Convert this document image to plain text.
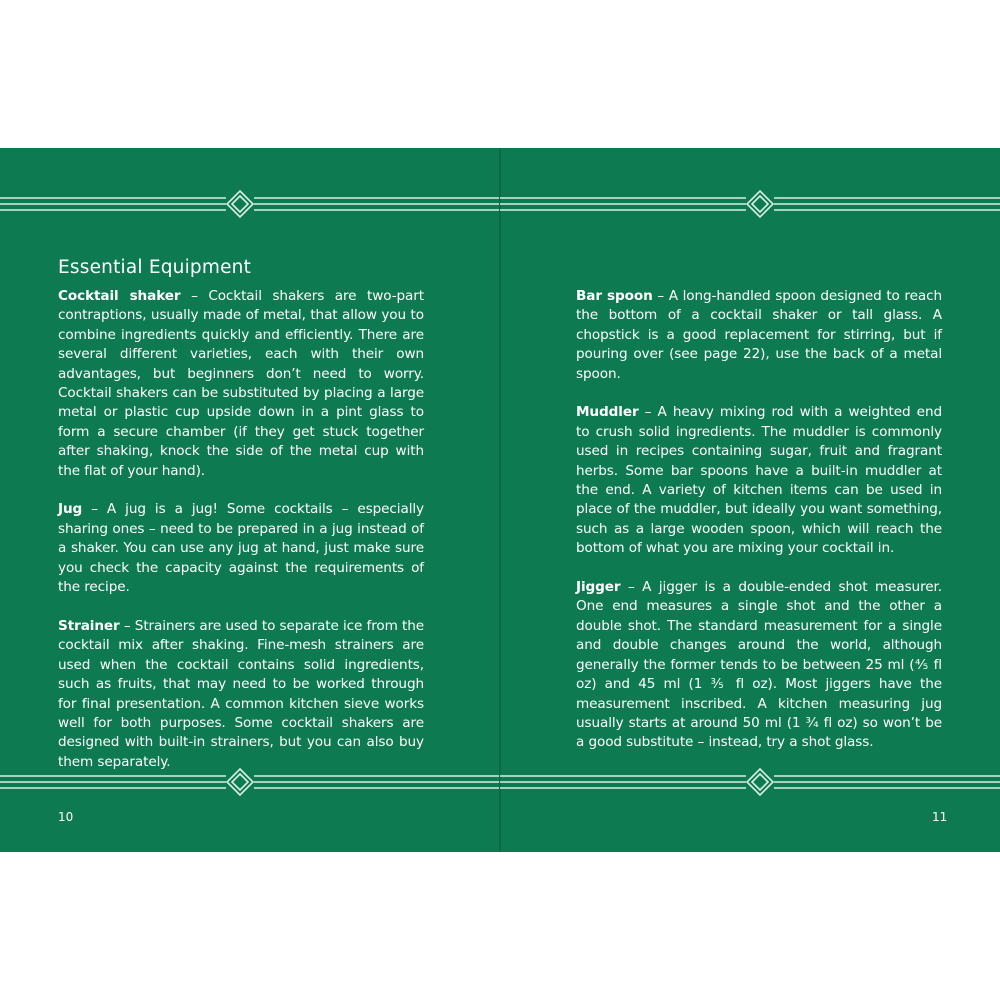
Essential Equipment

Cocktail shaker – Cocktail shakers are two-part contraptions, usually made of metal, that allow you to combine ingredients quickly and efficiently. There are several different varieties, each with their own advantages, but beginners don’t need to worry. Cocktail shakers can be substituted by placing a large metal or plastic cup upside down in a pint glass to form a secure chamber (if they get stuck together after shaking, knock the side of the metal cup with the flat of your hand).

Jug – A jug is a jug! Some cocktails – especially sharing ones – need to be prepared in a jug instead of a shaker. You can use any jug at hand, just make sure you check the capacity against the requirements of the recipe.

Strainer – Strainers are used to separate ice from the cocktail mix after shaking. Fine-mesh strainers are used when the cocktail contains solid ingredients, such as fruits, that may need to be worked through for final presentation. A common kitchen sieve works well for both purposes. Some cocktail shakers are designed with built-in strainers, but you can also buy them separately.

10

Bar spoon – A long-handled spoon designed to reach the bottom of a cocktail shaker or tall glass. A chopstick is a good replacement for stirring, but if pouring over (see page 22), use the back of a metal spoon.

Muddler – A heavy mixing rod with a weighted end to crush solid ingredients. The muddler is commonly used in recipes containing sugar, fruit and fragrant herbs. Some bar spoons have a built-in muddler at the end. A variety of kitchen items can be used in place of the muddler, but ideally you want something, such as a large wooden spoon, which will reach the bottom of what you are mixing your cocktail in.

Jigger – A jigger is a double-ended shot measurer. One end measures a single shot and the other a double shot. The standard measurement for a single and double changes around the world, although generally the former tends to be between 25 ml (⅘ fl oz) and 45 ml (1 ⅗ fl oz). Most jiggers have the measurement inscribed. A kitchen measuring jug usually starts at around 50 ml (1 ¾ fl oz) so won’t be a good substitute – instead, try a shot glass.

11
